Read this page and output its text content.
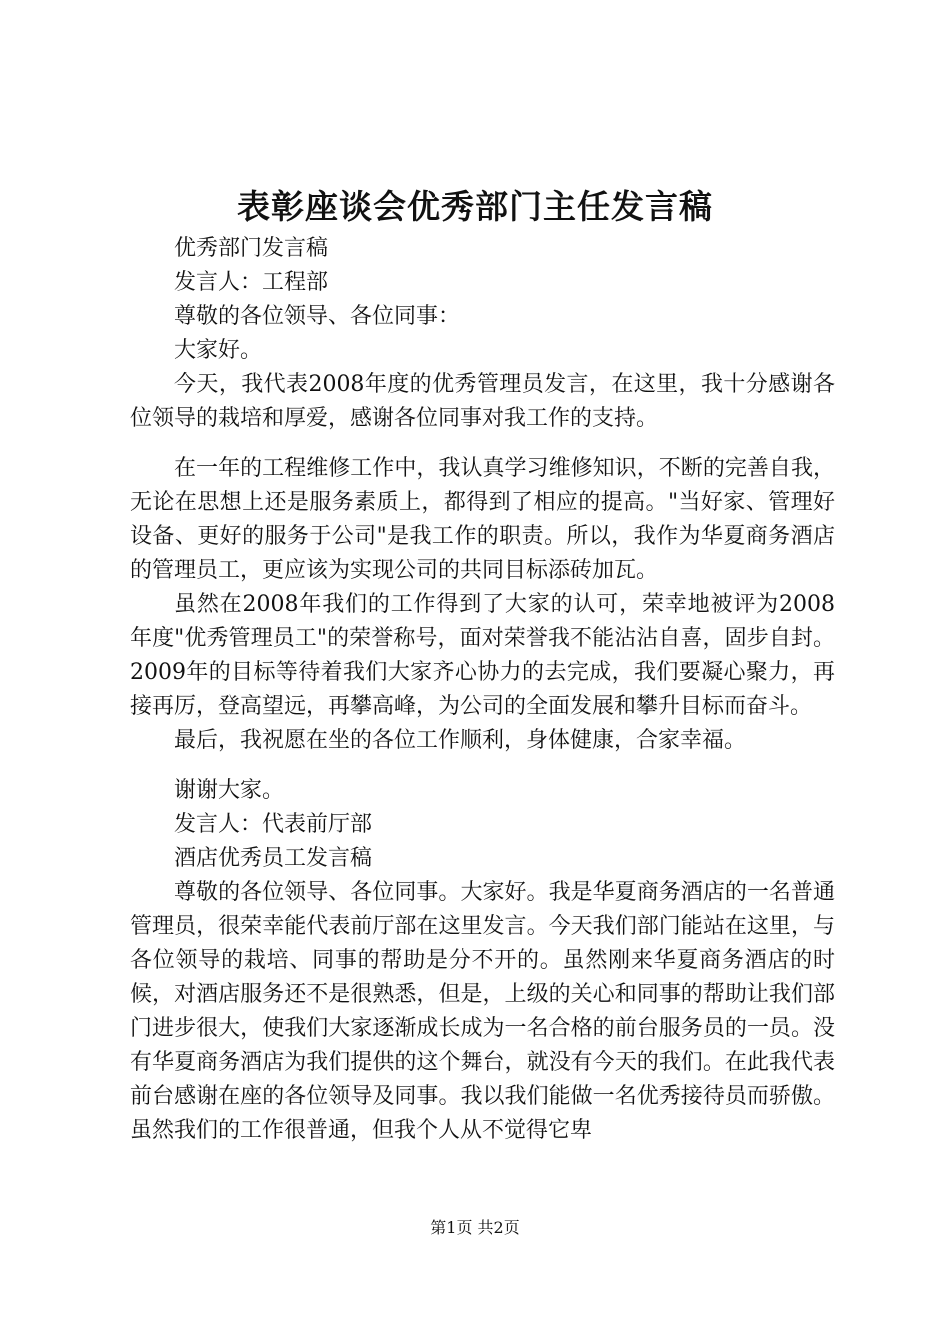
表彰座谈会优秀部门主任发言稿

优秀部门发言稿

发言人：工程部

尊敬的各位领导、各位同事：

大家好。

今天，我代表2008年度的优秀管理员发言，在这里，我十分感谢各位领导的栽培和厚爱，感谢各位同事对我工作的支持。

在一年的工程维修工作中，我认真学习维修知识，不断的完善自我，无论在思想上还是服务素质上，都得到了相应的提高。"当好家、管理好设备、更好的服务于公司"是我工作的职责。所以，我作为华夏商务酒店的管理员工，更应该为实现公司的共同目标添砖加瓦。

虽然在2008年我们的工作得到了大家的认可，荣幸地被评为2008年度"优秀管理员工"的荣誉称号，面对荣誉我不能沾沾自喜，固步自封。2009年的目标等待着我们大家齐心协力的去完成，我们要凝心聚力，再接再厉，登高望远，再攀高峰，为公司的全面发展和攀升目标而奋斗。

最后，我祝愿在坐的各位工作顺利，身体健康，合家幸福。

谢谢大家。

发言人：代表前厅部

酒店优秀员工发言稿

尊敬的各位领导、各位同事。大家好。我是华夏商务酒店的一名普通管理员，很荣幸能代表前厅部在这里发言。今天我们部门能站在这里，与各位领导的栽培、同事的帮助是分不开的。虽然刚来华夏商务酒店的时候，对酒店服务还不是很熟悉，但是，上级的关心和同事的帮助让我们部门进步很大，使我们大家逐渐成长成为一名合格的前台服务员的一员。没有华夏商务酒店为我们提供的这个舞台，就没有今天的我们。在此我代表前台感谢在座的各位领导及同事。我以我们能做一名优秀接待员而骄傲。虽然我们的工作很普通，但我个人从不觉得它卑

第1页 共2页
